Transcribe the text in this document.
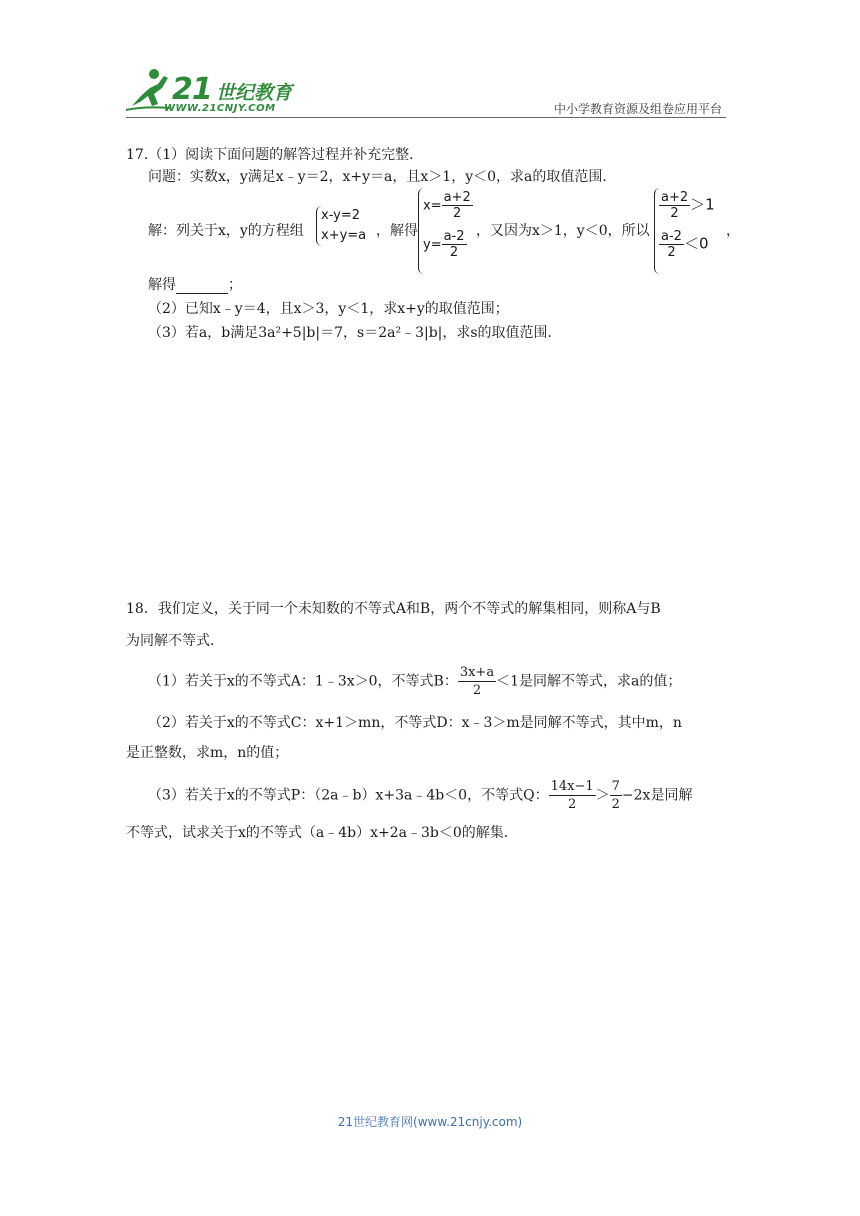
21 世纪教育
WWW.21CNJY.COM	中小学教育资源及组卷应用平台
17.（1）阅读下面问题的解答过程并补充完整．
问题：实数x，y满足x﹣y＝2，x+y＝a，且x＞1，y＜0，求a的取值范围．
解：列关于x，y的方程组
x-y=2
x+y=a ，解得
$x= \frac{a+2}{2}$
$y= \frac{a-2}{2}$ ，又因为x＞1，y＜0，所以
$\frac{a+2}{2} >1$
$\frac{a-2}{2} <0$
，
解得	；
（2）已知x﹣y＝4，且x＞3，y＜1，求x+y的取值范围；
（3）若a，b满足3a²+5|b|＝7，s＝2a²﹣3|b|，求s的取值范围．
18．我们定义，关于同一个未知数的不等式A和B，两个不等式的解集相同，则称A与B
为同解不等式．
（1）若关于x的不等式A：1﹣3x＞0，不等式B： $\frac{3x+a}{2} <1$是同解不等式，求a的值；
（2）若关于x的不等式C：x+1＞mn，不等式D：x﹣3＞m是同解不等式，其中m，n
是正整数，求m，n的值；
（3）若关于x的不等式P：（2a﹣b）x+3a﹣4b＜0，不等式Q： $\frac{14x-1}{2} > \frac{7}{2} -2x$是同解
不等式，试求关于x的不等式（a﹣4b）x+2a﹣3b＜0的解集．
21世纪教育网(www.21cnjy.com)
